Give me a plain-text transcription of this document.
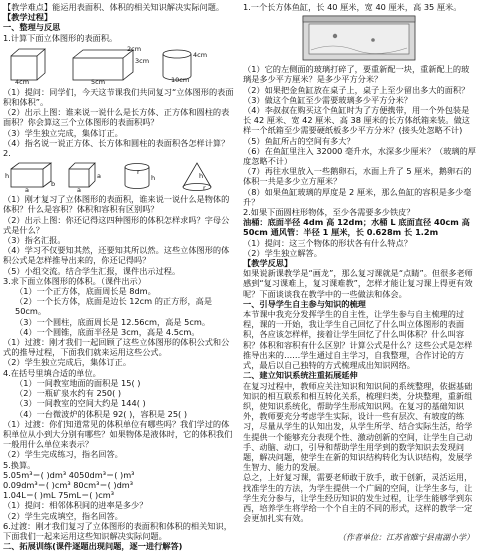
【教学难点】能运用表面积、体积的相关知识解决实际问题。
【教学过程】
一、整理与反思
1.计算下面立体图形的表面积。
4cm	5cm
3cm
2cm
10cm
4cm
（1）提问：同学们，今天这节课我们共同复习“立体图形的表面积和体积”。
（2）出示上图：谁来说一说什么是长方体、正方体和圆柱的表面积？你会算这三个立体图形的表面积吗？
（3）学生独立完成，集体订正。
（4）指名说一说正方体、长方体和圆柱的表面积各怎样计算？
2.
h
b
a	a
a	r
h
r
h
（1）刚才复习了立体图形的表面积，谁来说一说什么是物体的体积？什么是容积？体积和容积有区别吗？
（2）出示上图：你还记得这四种图形的体积怎样求吗？字母公式是什么？
（3）指名汇报。
（4）学习不仅要知其然，还要知其所以然。这些立体图形的体积公式是怎样推导出来的，你还记得吗？
（5）小组交流。结合学生汇报，课件出示过程。
3.求下面立体图形的体积。（课件出示）
（1）一个正方体，底面周长是 8dm。
（2）一个长方体，底面是边长 12cm 的正方形，高是 50cm。
（3）一个圆柱，底面周长是 12.56cm，高是 5cm。
（4）一个圆锥，底面半径是 3cm，高是 4.5cm。
（1）过渡：刚才我们一起回顾了这些立体图形的体积公式和公式的推导过程，下面我们就来运用这些公式。
（2）学生独立完成后，集体订正。
4.在括号里填合适的单位。
（1）一间教室地面的面积是 15( )
（2）一瓶矿泉水约有 250( )
（3）一间教室的空间大约是 144( )
（4）一台微波炉的体积是 92( )，容积是 25( )
（1）过渡：你们知道常见的体积单位有哪些吗？我们学过的体积单位从小到大分别有哪些？如果物体是液体时，它的体积我们一般用什么单位来表示？
（2）学生完成练习，指名回答。
5.换算。
5.05m³＝( )dm³ 4050dm³＝( )m³
0.09dm³＝( )cm³ 80cm³＝( )dm³
1.04L＝( )mL 75mL＝( )cm³
（1）提问：相邻体积间的进率是多少？
（2）学生完成填空，指名回答。
6.过渡：刚才我们复习了立体图形的表面积和体积的相关知识，下面我们一起来运用这些知识解决实际问题。
二、拓展训练(课件逐题出现问题，逐一进行解答)
1.一个长方体鱼缸，长 40 厘米，宽 40 厘米，高 35 厘米。
（1）它的左侧面的玻璃打碎了，要重新配一块，重新配上的玻璃是多少平方厘米？是多少平方分米？
（2）如果把金鱼缸放在桌子上，桌子上至少留出多大的面积？
（3）做这个鱼缸至少需要玻璃多少平方分米？
（4）李叔叔在购买这个鱼缸时为了方便携带，用一个外包装是长 42 厘米、宽 42 厘米、高 38 厘米的长方体纸箱来装。做这样一个纸箱至少需要硬纸板多少平方分米？(接头处忽略不计)
（5）鱼缸所占的空间有多大？
（6）在鱼缸里注入 32000 毫升水，水深多少厘米？（玻璃的厚度忽略不计）
（7）再往水里放入一些鹅卵石，水面上升了 5 厘米，鹅卵石的体积一共是多少立方厘米？
（8）如果鱼缸玻璃的厚度是 2 厘米，那么鱼缸的容积是多少毫升？
2.如果下面圆柱形物体，至少各需要多少铁皮？
油桶：底面半径 4dm 高 12dm；水桶 L 底面直径 40cm 高 50cm 通风管：半径 1 厘米，长 0.628m 长 1.2m
（1）提问：这三个物体的形状各有什么特点？
（2）学生独立解答。
【教学反思】
如果说新课教学是“画龙”，那么复习课就是“点睛”。但很多老师感到“复习课难上，复习课难教”，怎样才能让复习课上得更有效呢？下面谈谈我在教学中的一些做法和体会。
一、引导学生自主参与知识的梳理
本节课中我充分发挥学生的自主性，让学生参与自主梳理的过程，课的一开始，我让学生自己回忆了什么叫立体图形的表面积，各应该怎样样，接着让学生回忆了什么叫体积？什么叫容积？体积和容积有什么区别？计算公式是什么？这些公式是怎样推导出来的……学生通过自主学习，自我整理，合作讨论的方式，最后以自己独特的方式梳理成出知识网络。
二、建立知识系统注重拓展延伸
在复习过程中，教师应关注知识和知识间的系统整理，依据基础知识的相互联系和相互转化关系，梳理归类，分块整理，重新组织，使知识系统化，帮助学生形成知识网。在复习的基础知识外，教师要充分考虑学生实际，设计一些有层次、有坡度的练习，尽量从学生的认知出发，从学生所学、结合实际生活，给学生提供一个能够充分表现个性、激动创新的空间，让学生自己动手、动脑、动口，引导和帮助学生用学到的数学知识去发现问题，解决问题，使学生在新的知识结构转化为认识结构，发展学生智力、能力的发展。
总之，上好复习课，需要老师敢于放手，敢于创新，灵活运用，找准学生的方法，为学生提供一个广阔的空间，让学生多与，让学生充分参与，让学生经历知识的发生过程，让学生能够学到东西，培养学生将学给一个个自主的不同的形式，这样的教学一定会更加扎实有效。
（作者单位：江苏省睢宁县南湖小学）
